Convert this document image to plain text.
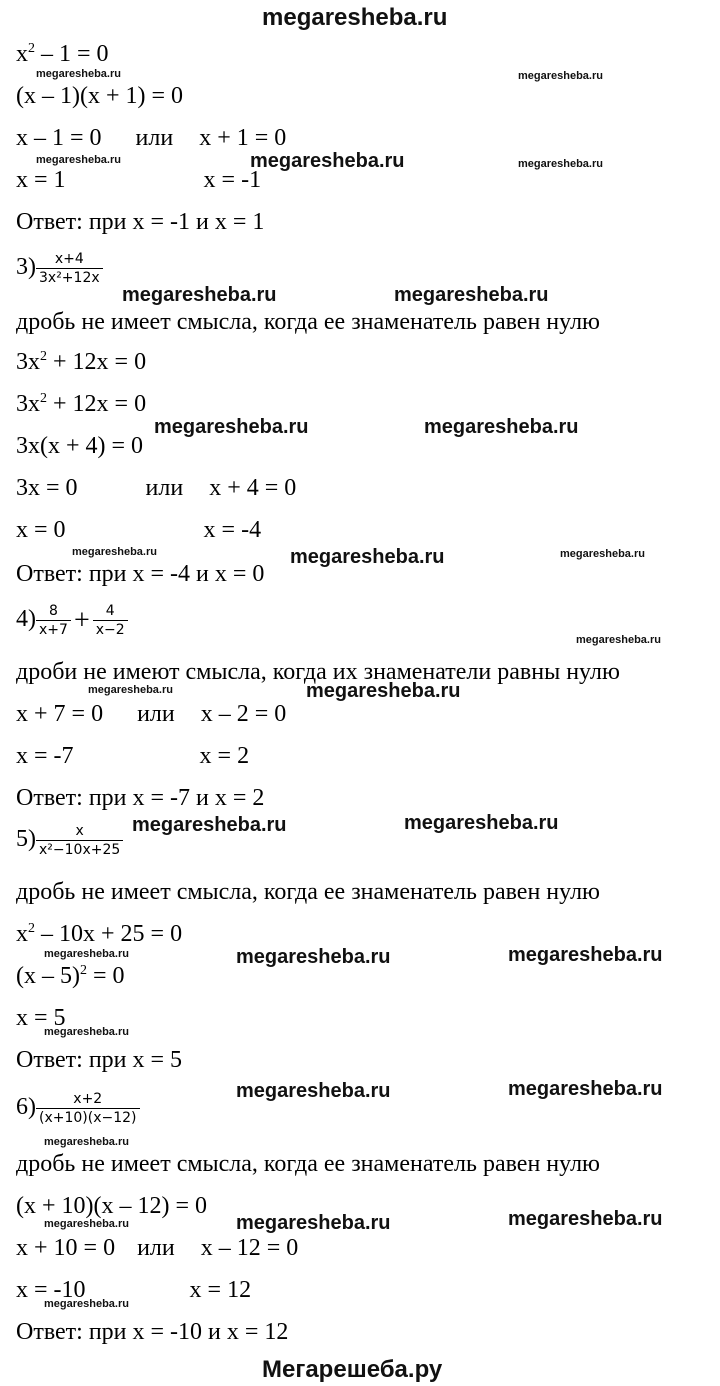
megaresheba.ru
$x^2 - 1 = 0$
megaresheba.ru	megaresheba.ru
(x – 1)(x + 1) = 0
x – 1 = 0 или x + 1 = 0
megaresheba.ru	megaresheba.ru	megaresheba.ru
x = 1	x = -1
Ответ: при x = -1 и x = 1
$3) \frac{x+4}{\text{3x²+12x}}$
megaresheba.ru	megaresheba.ru
дробь не имеет смысла, когда ее знаменатель равен нулю
$3x^2 + 12x = 0$
$3x^2 + 12x = 0$
megaresheba.ru	megaresheba.ru
3x(x + 4) = 0
3x = 0	или x + 4 = 0
x = 0	x = -4
megaresheba.ru	megaresheba.ru	megaresheba.ru
Ответ: при x = -4 и x = 0
$4) \frac{8}{x+7} + \frac{4}{x-2}$
megaresheba.ru
дроби не имеют смысла, когда их знаменатели равны нулю
megaresheba.ru	megaresheba.ru
x + 7 = 0 или x – 2 = 0
x = -7	x = 2
Ответ: при x = -7 и x = 2
$5) \frac{x}{\text{x²−10x+25}}$ megaresheba.ru	megaresheba.ru
дробь не имеет смысла, когда ее знаменатель равен нулю
$x^2 - 10x + 25 = 0$
megaresheba.ru	megaresheba.ru	megaresheba.ru
(x – 5)$^2$ = 0
x = 5
megaresheba.ru
Ответ: при x = 5
$6) \frac{x+2}{(x+10)(x-12)}$	megaresheba.ru	megaresheba.ru
megaresheba.ru
дробь не имеет смысла, когда ее знаменатель равен нулю
(x + 10)(x – 12) = 0
megaresheba.ru	megaresheba.ru	megaresheba.ru
x + 10 = 0 или x – 12 = 0
x = -10	x = 12
megaresheba.ru
Ответ: при x = -10 и x = 12
Мегарешеба.ру
